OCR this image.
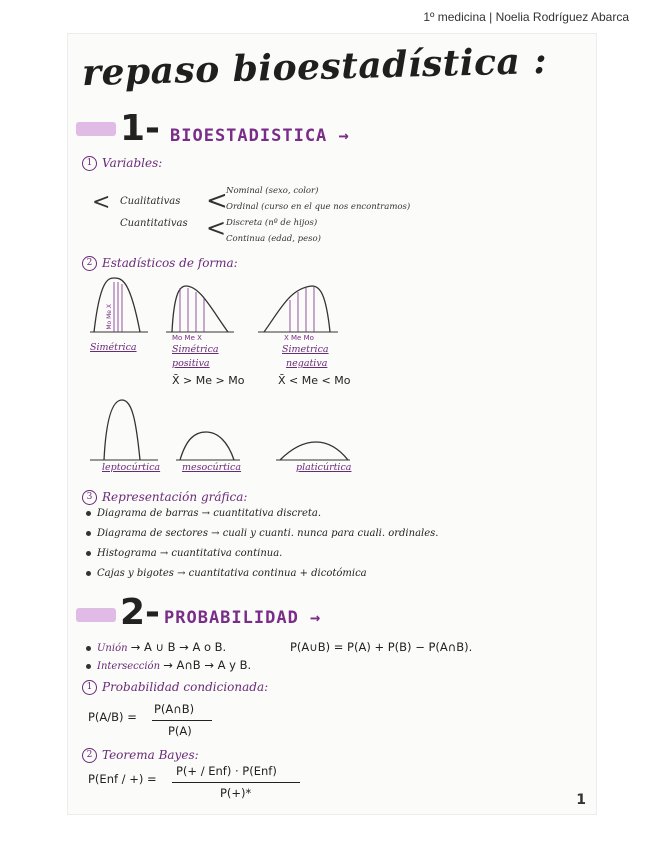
1º medicina | Noelia Rodríguez Abarca
repaso bioestadística :
1- BIOESTADISTICA →
1 Variables:
< Cualitativas
Cuantitativas
<
Nominal (sexo, color)
Ordinal (curso en el que nos encontramos)
< Discreta (nº de hijos)
Continua (edad, peso)
2 Estadísticos de forma:
Mo Me X
Mo Me X	X Me Mo
Simétrica	Simétrica
positiva
X̄ > Me > Mo
Simetrica
negativa
X̄ < Me < Mo
leptocúrtica mesocúrtica	platicúrtica
3 Representación gráfica:
Diagrama de barras → cuantitativa discreta.
Diagrama de sectores → cuali y cuanti. nunca para cuali. ordinales.
Histograma → cuantitativa continua.
Cajas y bigotes → cuantitativa continua + dicotómica
2- PROBABILIDAD →
Unión → A ∪ B → A o B.	P(A∪B) = P(A) + P(B) − P(A∩B).
Intersección → A∩B → A y B.
1 Probabilidad condicionada:
P(A/B) =
P(A∩B)
P(A)
2 Teorema Bayes:
P(Enf / +) =
P(+ / Enf) · P(Enf)
P(+)*	1
